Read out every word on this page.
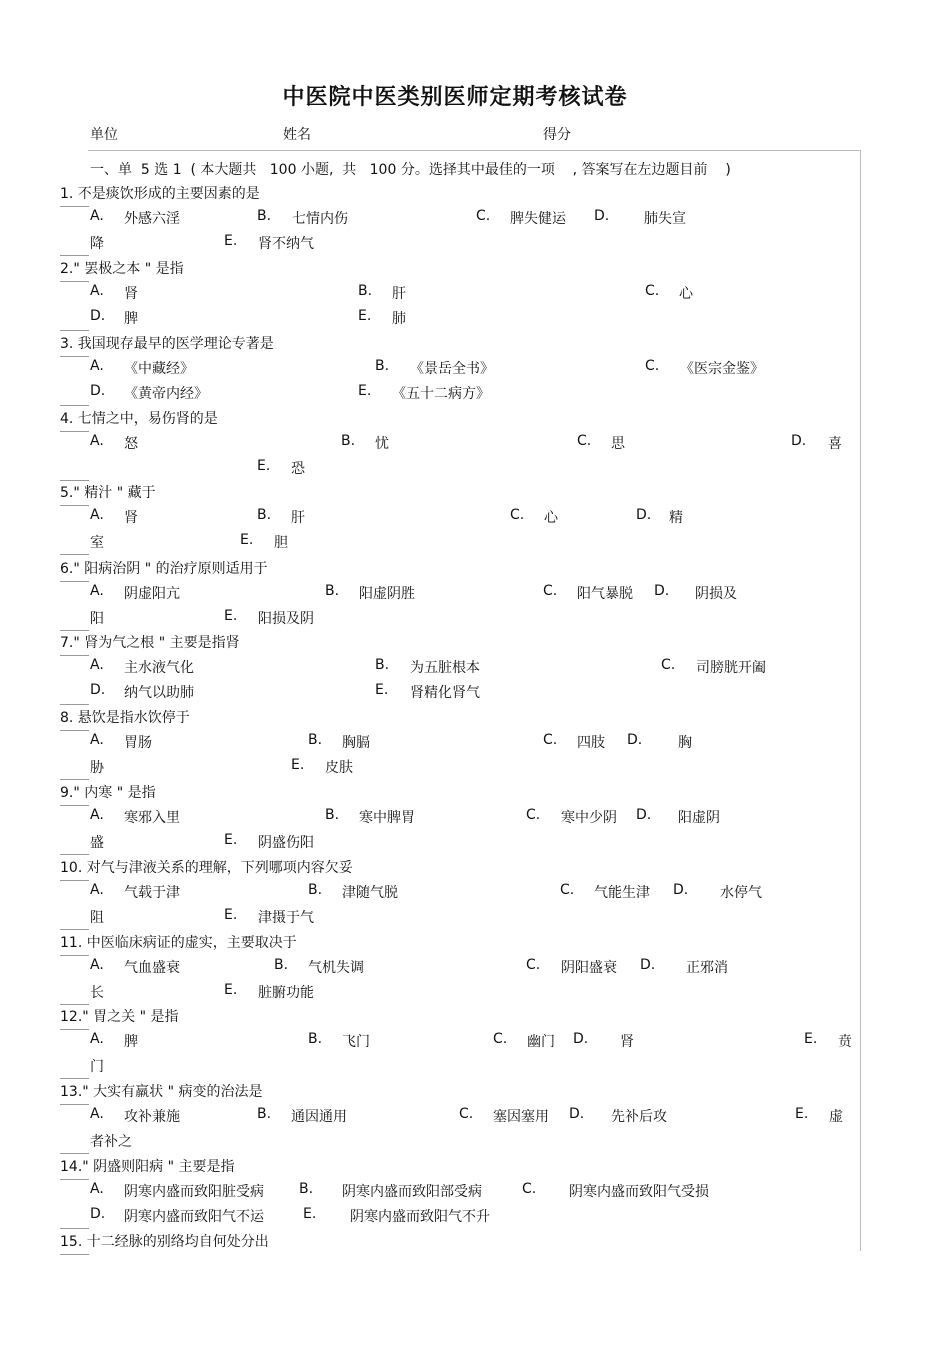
中医院中医类别医师定期考核试卷
单位	姓名	得分
一、单  5 选 1  ( 本大题共   100 小题,  共   100 分。选择其中最佳的一项    , 答案写在左边题目前    )
1. 不是痰饮形成的主要因素的是
A. 外感六淫	B. 七情内伤	C. 脾失健运 D. 肺失宣
降	E. 肾不纳气
2." 罢极之本 " 是指
A. 肾	B. 肝	C. 心
D. 脾	E. 肺
3. 我国现存最早的医学理论专著是
A. 《中藏经》	B. 《景岳全书》	C. 《医宗金鉴》
D. 《黄帝内经》	E. 《五十二病方》
4. 七情之中，易伤肾的是
A. 怒	B. 忧	C. 思	D. 喜
E. 恐
5." 精汁 " 藏于
A. 肾	B. 肝	C. 心	D. 精
室	E. 胆
6." 阳病治阴 " 的治疗原则适用于
A. 阴虚阳亢	B. 阳虚阴胜	C. 阳气暴脱 D. 阴损及
阳	E. 阳损及阴
7." 肾为气之根 " 主要是指肾
A. 主水液气化	B. 为五脏根本	C. 司膀胱开阖
D. 纳气以助肺	E. 肾精化肾气
8. 悬饮是指水饮停于
A. 胃肠	B. 胸膈	C. 四肢 D.	胸
胁	E. 皮肤
9." 内寒 " 是指
A. 寒邪入里	B. 寒中脾胃	C. 寒中少阴 D. 阳虚阴
盛	E. 阴盛伤阳
10. 对气与津液关系的理解，下列哪项内容欠妥
A. 气载于津	B. 津随气脱	C. 气能生津 D. 水停气
阻	E. 津摄于气
11. 中医临床病证的虚实，主要取决于
A. 气血盛衰	B. 气机失调	C. 阴阳盛衰 D. 正邪消
长	E. 脏腑功能
12." 胃之关 " 是指
A. 脾	B. 飞门	C. 幽门 D. 肾	E. 贲
门
13." 大实有羸状 " 病变的治法是
A. 攻补兼施	B. 通因通用	C. 塞因塞用 D. 先补后攻	E. 虚
者补之
14." 阴盛则阳病 " 主要是指
A. 阴寒内盛而致阳脏受病	B. 阴寒内盛而致阳部受病	C. 阴寒内盛而致阳气受损
D. 阴寒内盛而致阳气不运	E. 阴寒内盛而致阳气不升
15. 十二经脉的别络均自何处分出
